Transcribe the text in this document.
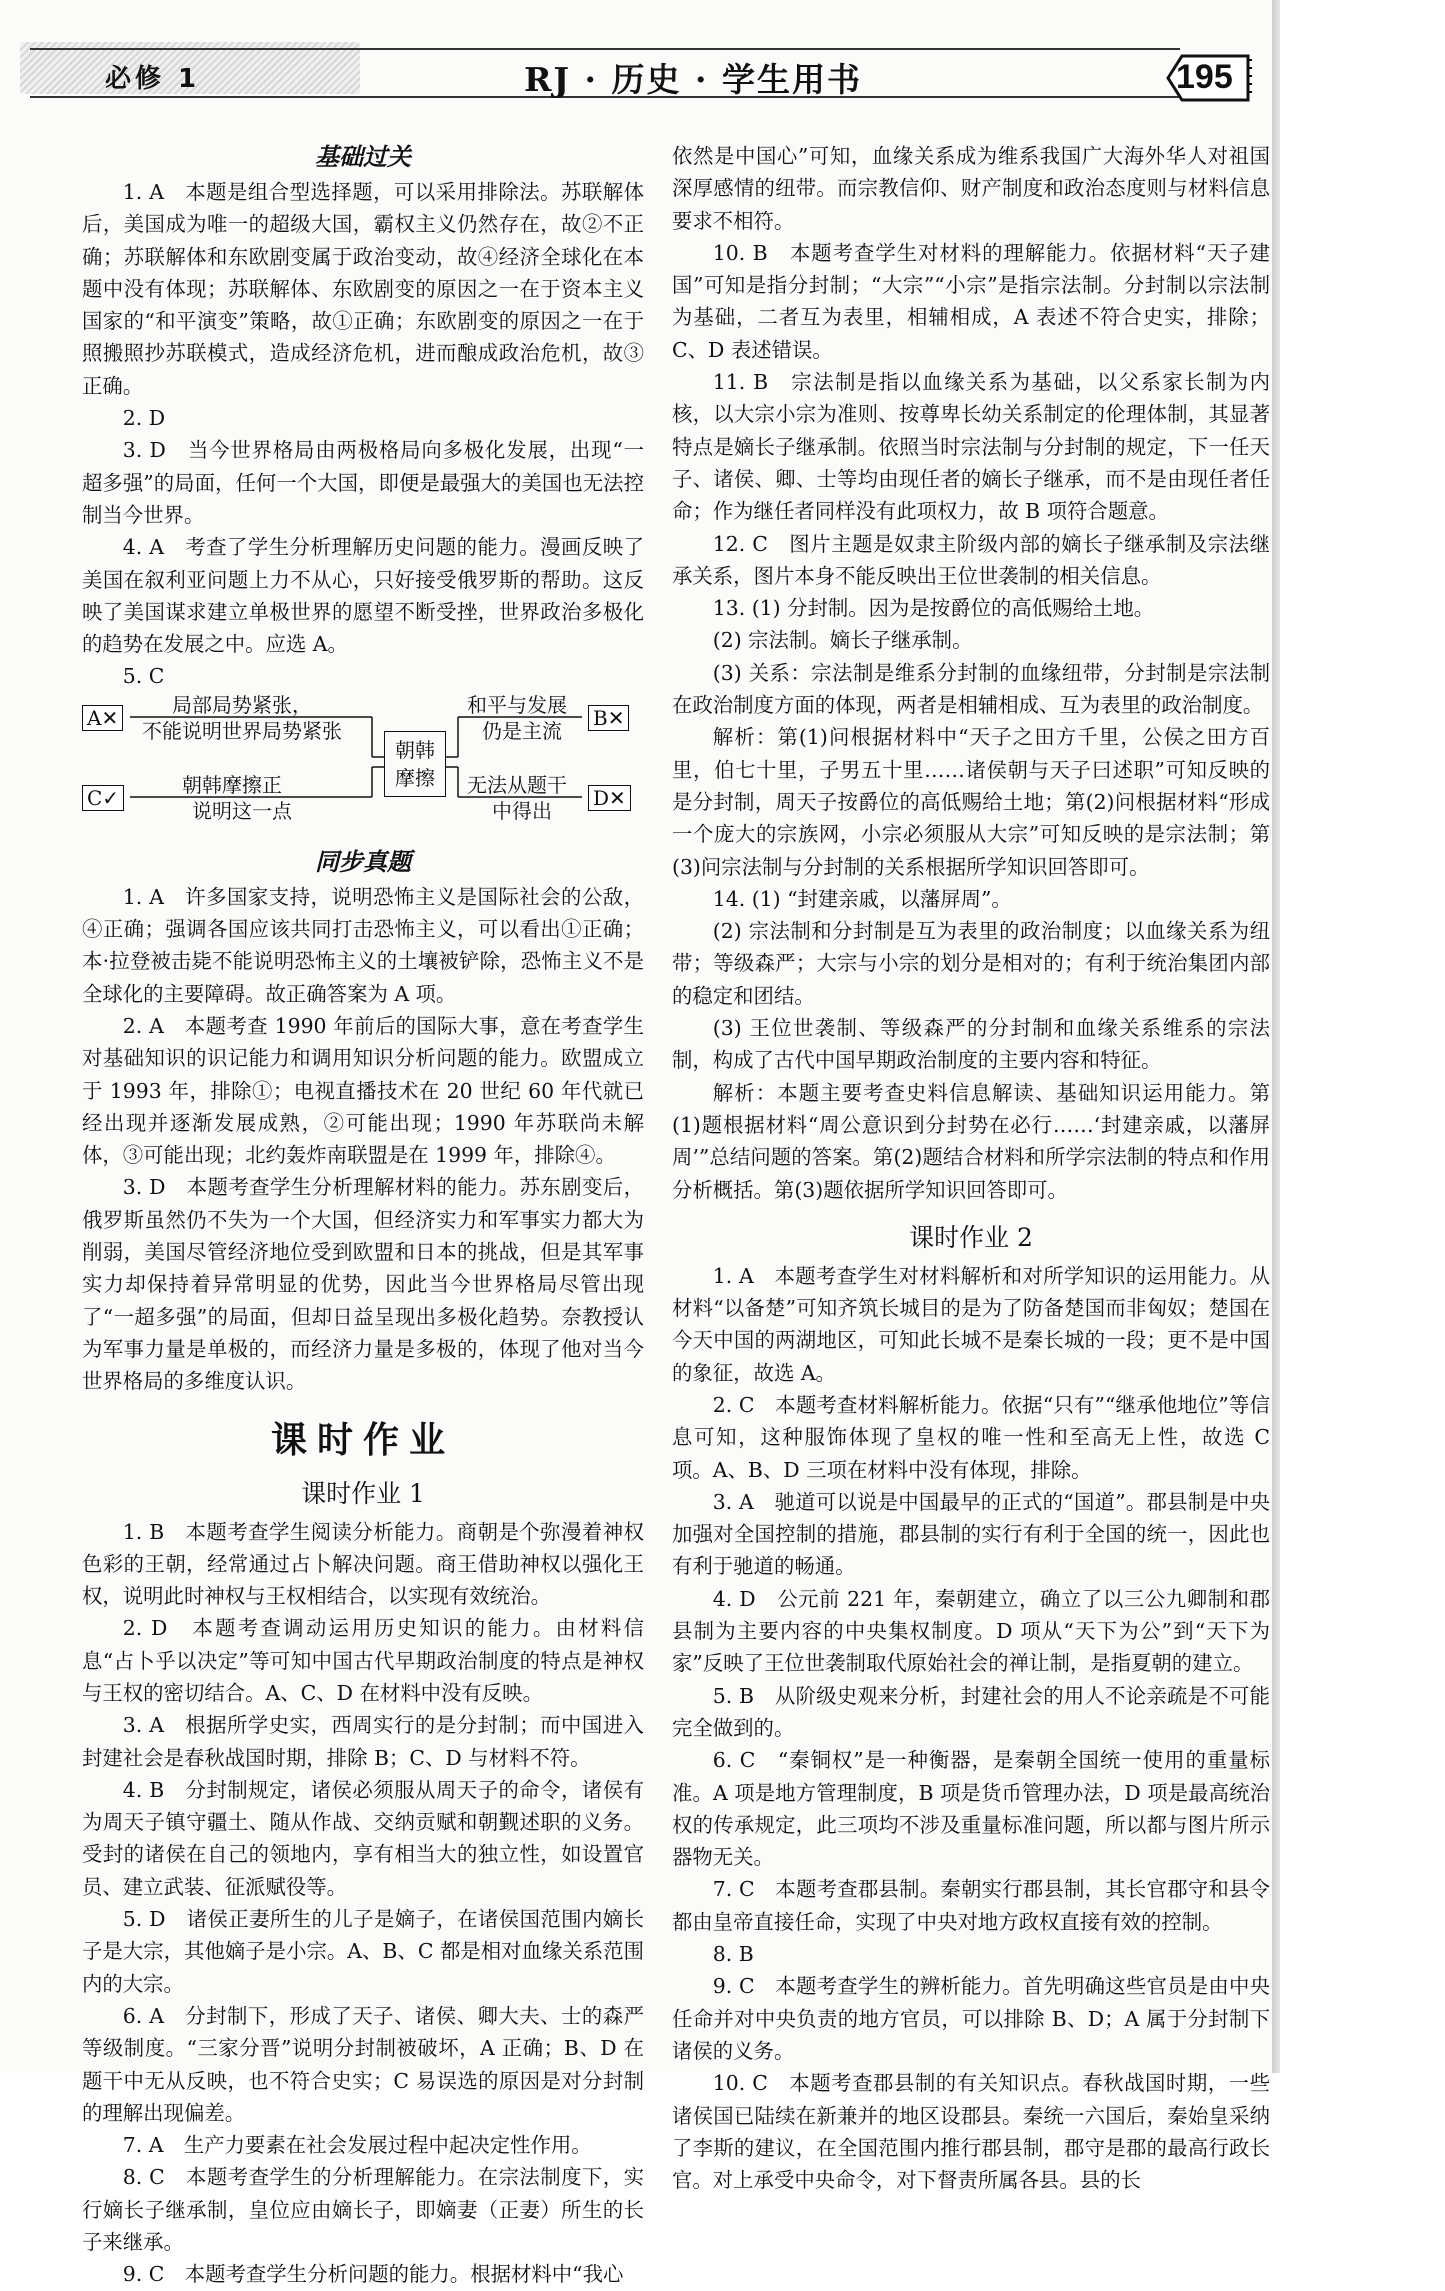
必修 1	RJ · 历史 · 学生用书	195
基础过关

1. A　本题是组合型选择题，可以采用排除法。苏联解体后，美国成为唯一的超级大国，霸权主义仍然存在，故②不正确；苏联解体和东欧剧变属于政治变动，故④经济全球化在本题中没有体现；苏联解体、东欧剧变的原因之一在于资本主义国家的“和平演变”策略，故①正确；东欧剧变的原因之一在于照搬照抄苏联模式，造成经济危机，进而酿成政治危机，故③正确。

2. D

3. D　当今世界格局由两极格局向多极化发展，出现“一超多强”的局面，任何一个大国，即便是最强大的美国也无法控制当今世界。

4. A　考查了学生分析理解历史问题的能力。漫画反映了美国在叙利亚问题上力不从心，只好接受俄罗斯的帮助。这反映了美国谋求建立单极世界的愿望不断受挫，世界政治多极化的趋势在发展之中。应选 A。

5. C

A✕
局部局势紧张，
不能说明世界局势紧张
朝韩
摩擦
和平与发展
仍是主流
B✕
C✓
朝韩摩擦正
说明这一点
无法从题干
中得出
D✕
同步真题

1. A　许多国家支持，说明恐怖主义是国际社会的公敌，④正确；强调各国应该共同打击恐怖主义，可以看出①正确；本·拉登被击毙不能说明恐怖主义的土壤被铲除，恐怖主义不是全球化的主要障碍。故正确答案为 A 项。

2. A　本题考查 1990 年前后的国际大事，意在考查学生对基础知识的识记能力和调用知识分析问题的能力。欧盟成立于 1993 年，排除①；电视直播技术在 20 世纪 60 年代就已经出现并逐渐发展成熟，②可能出现；1990 年苏联尚未解体，③可能出现；北约轰炸南联盟是在 1999 年，排除④。

3. D　本题考查学生分析理解材料的能力。苏东剧变后，俄罗斯虽然仍不失为一个大国，但经济实力和军事实力都大为削弱，美国尽管经济地位受到欧盟和日本的挑战，但是其军事实力却保持着异常明显的优势，因此当今世界格局尽管出现了“一超多强”的局面，但却日益呈现出多极化趋势。奈教授认为军事力量是单极的，而经济力量是多极的，体现了他对当今世界格局的多维度认识。

课时作业
课时作业 1

1. B　本题考查学生阅读分析能力。商朝是个弥漫着神权色彩的王朝，经常通过占卜解决问题。商王借助神权以强化王权，说明此时神权与王权相结合，以实现有效统治。

2. D　本题考查调动运用历史知识的能力。由材料信息“占卜乎以决定”等可知中国古代早期政治制度的特点是神权与王权的密切结合。A、C、D 在材料中没有反映。

3. A　根据所学史实，西周实行的是分封制；而中国进入封建社会是春秋战国时期，排除 B；C、D 与材料不符。

4. B　分封制规定，诸侯必须服从周天子的命令，诸侯有为周天子镇守疆土、随从作战、交纳贡赋和朝觐述职的义务。受封的诸侯在自己的领地内，享有相当大的独立性，如设置官员、建立武装、征派赋役等。

5. D　诸侯正妻所生的儿子是嫡子，在诸侯国范围内嫡长子是大宗，其他嫡子是小宗。A、B、C 都是相对血缘关系范围内的大宗。

6. A　分封制下，形成了天子、诸侯、卿大夫、士的森严等级制度。“三家分晋”说明分封制被破坏，A 正确；B、D 在题干中无从反映，也不符合史实；C 易误选的原因是对分封制的理解出现偏差。

7. A　生产力要素在社会发展过程中起决定性作用。

8. C　本题考查学生的分析理解能力。在宗法制度下，实行嫡长子继承制，皇位应由嫡长子，即嫡妻（正妻）所生的长子来继承。

9. C　本题考查学生分析问题的能力。根据材料中“我心

依然是中国心”可知，血缘关系成为维系我国广大海外华人对祖国深厚感情的纽带。而宗教信仰、财产制度和政治态度则与材料信息要求不相符。

10. B　本题考查学生对材料的理解能力。依据材料“天子建国”可知是指分封制；“大宗”“小宗”是指宗法制。分封制以宗法制为基础，二者互为表里，相辅相成，A 表述不符合史实，排除；C、D 表述错误。

11. B　宗法制是指以血缘关系为基础，以父系家长制为内核，以大宗小宗为准则、按尊卑长幼关系制定的伦理体制，其显著特点是嫡长子继承制。依照当时宗法制与分封制的规定，下一任天子、诸侯、卿、士等均由现任者的嫡长子继承，而不是由现任者任命；作为继任者同样没有此项权力，故 B 项符合题意。

12. C　图片主题是奴隶主阶级内部的嫡长子继承制及宗法继承关系，图片本身不能反映出王位世袭制的相关信息。

13. (1) 分封制。因为是按爵位的高低赐给土地。

(2) 宗法制。嫡长子继承制。

(3) 关系：宗法制是维系分封制的血缘纽带，分封制是宗法制在政治制度方面的体现，两者是相辅相成、互为表里的政治制度。

解析：第(1)问根据材料中“天子之田方千里，公侯之田方百里，伯七十里，子男五十里……诸侯朝与天子曰述职”可知反映的是分封制，周天子按爵位的高低赐给土地；第(2)问根据材料“形成一个庞大的宗族网，小宗必须服从大宗”可知反映的是宗法制；第(3)问宗法制与分封制的关系根据所学知识回答即可。

14. (1) “封建亲戚，以藩屏周”。

(2) 宗法制和分封制是互为表里的政治制度；以血缘关系为纽带；等级森严；大宗与小宗的划分是相对的；有利于统治集团内部的稳定和团结。

(3) 王位世袭制、等级森严的分封制和血缘关系维系的宗法制，构成了古代中国早期政治制度的主要内容和特征。

解析：本题主要考查史料信息解读、基础知识运用能力。第(1)题根据材料“周公意识到分封势在必行……‘封建亲戚，以藩屏周’”总结问题的答案。第(2)题结合材料和所学宗法制的特点和作用分析概括。第(3)题依据所学知识回答即可。

课时作业 2

1. A　本题考查学生对材料解析和对所学知识的运用能力。从材料“以备楚”可知齐筑长城目的是为了防备楚国而非匈奴；楚国在今天中国的两湖地区，可知此长城不是秦长城的一段；更不是中国的象征，故选 A。

2. C　本题考查材料解析能力。依据“只有”“继承他地位”等信息可知，这种服饰体现了皇权的唯一性和至高无上性，故选 C 项。A、B、D 三项在材料中没有体现，排除。

3. A　驰道可以说是中国最早的正式的“国道”。郡县制是中央加强对全国控制的措施，郡县制的实行有利于全国的统一，因此也有利于驰道的畅通。

4. D　公元前 221 年，秦朝建立，确立了以三公九卿制和郡县制为主要内容的中央集权制度。D 项从“天下为公”到“天下为家”反映了王位世袭制取代原始社会的禅让制，是指夏朝的建立。

5. B　从阶级史观来分析，封建社会的用人不论亲疏是不可能完全做到的。

6. C　“秦铜权”是一种衡器，是秦朝全国统一使用的重量标准。A 项是地方管理制度，B 项是货币管理办法，D 项是最高统治权的传承规定，此三项均不涉及重量标准问题，所以都与图片所示器物无关。

7. C　本题考查郡县制。秦朝实行郡县制，其长官郡守和县令都由皇帝直接任命，实现了中央对地方政权直接有效的控制。

8. B

9. C　本题考查学生的辨析能力。首先明确这些官员是由中央任命并对中央负责的地方官员，可以排除 B、D；A 属于分封制下诸侯的义务。

10. C　本题考查郡县制的有关知识点。春秋战国时期，一些诸侯国已陆续在新兼并的地区设郡县。秦统一六国后，秦始皇采纳了李斯的建议，在全国范围内推行郡县制，郡守是郡的最高行政长官。对上承受中央命令，对下督责所属各县。县的长
